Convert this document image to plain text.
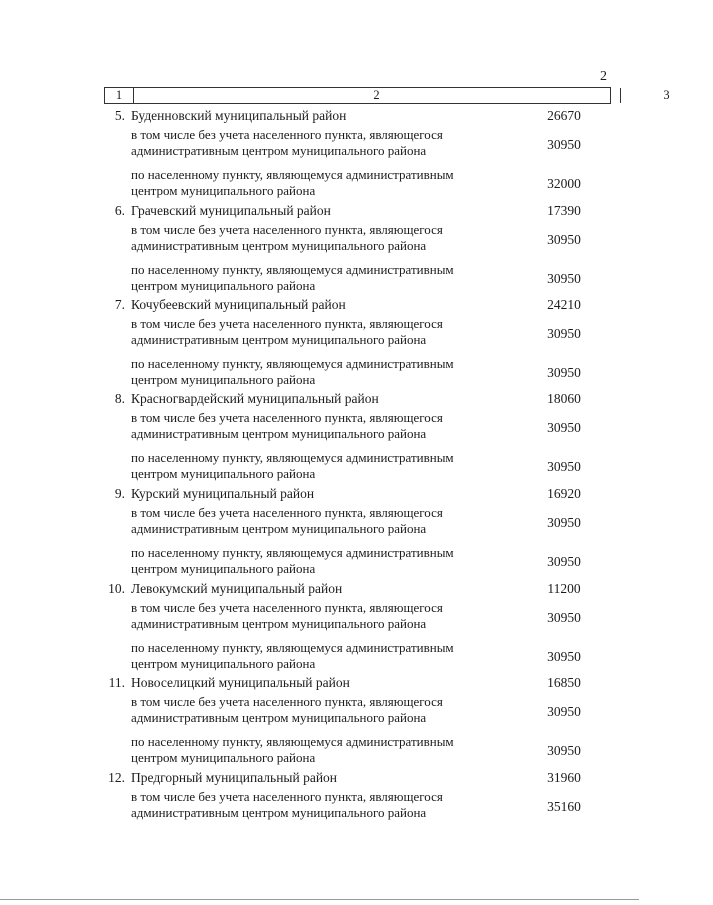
2
1	2	3
5. Буденновский муниципальный район	26670
в том числе без учета населенного пункта, являющегося
административным центром муниципального района	30950
по населенному пункту, являющемуся административным
центром муниципального района	32000
6. Грачевский муниципальный район	17390
в том числе без учета населенного пункта, являющегося
административным центром муниципального района	30950
по населенному пункту, являющемуся административным
центром муниципального района	30950
7. Кочубеевский муниципальный район	24210
в том числе без учета населенного пункта, являющегося
административным центром муниципального района	30950
по населенному пункту, являющемуся административным
центром муниципального района	30950
8. Красногвардейский муниципальный район	18060
в том числе без учета населенного пункта, являющегося
административным центром муниципального района	30950
по населенному пункту, являющемуся административным
центром муниципального района	30950
9. Курский муниципальный район	16920
в том числе без учета населенного пункта, являющегося
административным центром муниципального района	30950
по населенному пункту, являющемуся административным
центром муниципального района	30950
10. Левокумский муниципальный район	11200
в том числе без учета населенного пункта, являющегося
административным центром муниципального района	30950
по населенному пункту, являющемуся административным
центром муниципального района	30950
11. Новоселицкий муниципальный район	16850
в том числе без учета населенного пункта, являющегося
административным центром муниципального района	30950
по населенному пункту, являющемуся административным
центром муниципального района	30950
12. Предгорный муниципальный район	31960
в том числе без учета населенного пункта, являющегося
административным центром муниципального района	35160
